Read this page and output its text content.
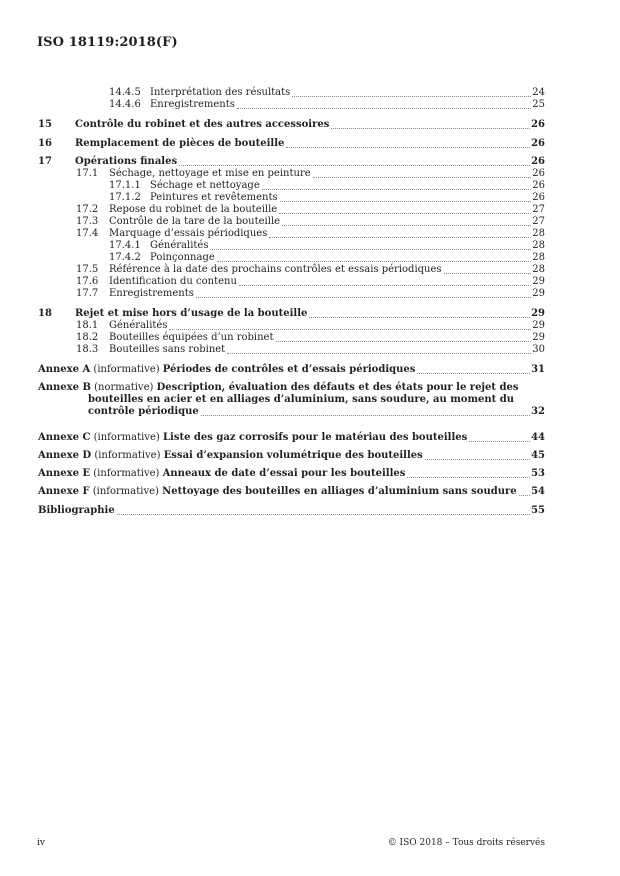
ISO 18119:2018(F)
14.4.5 Interprétation des résultats	24
14.4.6 Enregistrements	25
15 Contrôle du robinet et des autres accessoires	26
16 Remplacement de pièces de bouteille	26
17 Opérations finales	26
17.1 Séchage, nettoyage et mise en peinture	26
17.1.1 Séchage et nettoyage	26
17.1.2 Peintures et revêtements	26
17.2 Repose du robinet de la bouteille	27
17.3 Contrôle de la tare de la bouteille	27
17.4 Marquage d’essais périodiques	28
17.4.1 Généralités	28
17.4.2 Poinçonnage	28
17.5 Référence à la date des prochains contrôles et essais périodiques	28
17.6 Identification du contenu	29
17.7 Enregistrements	29
18 Rejet et mise hors d’usage de la bouteille	29
18.1 Généralités	29
18.2 Bouteilles équipées d’un robinet	29
18.3 Bouteilles sans robinet	30
Annexe A (informative) Périodes de contrôles et d’essais périodiques	31
Annexe B (normative) Description, évaluation des défauts et des états pour le rejet des
bouteilles en acier et en alliages d’aluminium, sans soudure, au moment du
contrôle périodique	32
Annexe C (informative) Liste des gaz corrosifs pour le matériau des bouteilles	44
Annexe D (informative) Essai d’expansion volumétrique des bouteilles	45
Annexe E (informative) Anneaux de date d’essai pour les bouteilles	53
Annexe F (informative) Nettoyage des bouteilles en alliages d’aluminium sans soudure 54
Bibliographie	55
iv	© ISO 2018 – Tous droits réservés
